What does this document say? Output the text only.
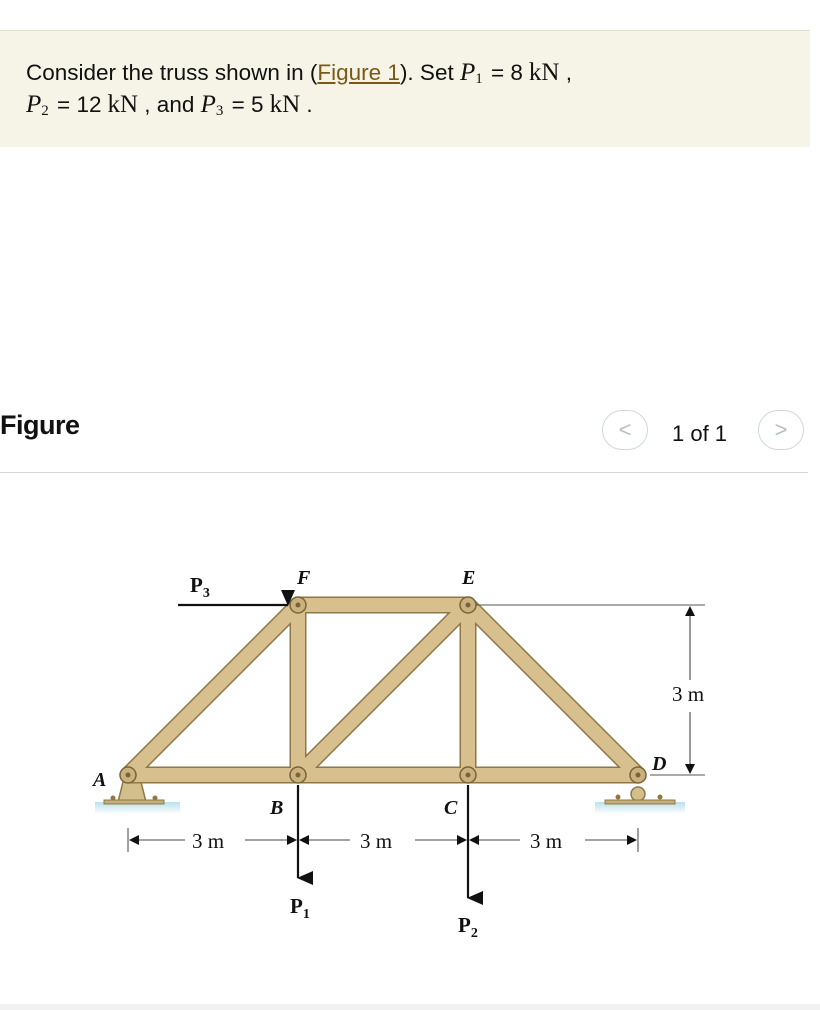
Consider the truss shown in (Figure 1). Set $P_1 = 8$ kN ,
$P_2 = 12$ kN , and $P_3 = 5$ kN .
Figure	< 1 of 1 >
A
B	C
D
E
F
$P_3$
$P_1$	$P_2$
3 m	3 m	3 m
3 m
